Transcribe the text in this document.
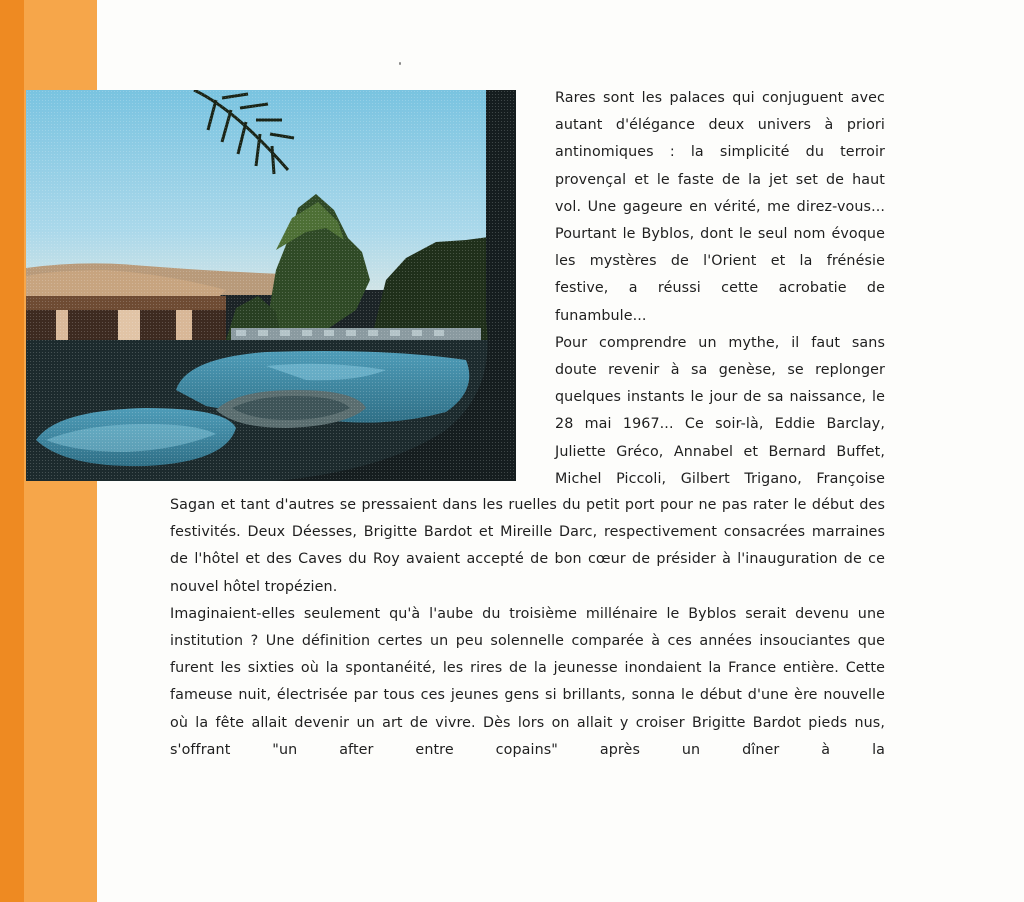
Rares sont les palaces qui conjuguent avec autant d'élégance deux univers à priori antinomiques : la simplicité du terroir provençal et le faste de la jet set de haut vol. Une gageure en vérité, me direz-vous... Pourtant le Byblos, dont le seul nom évoque les mystères de l'Orient et la frénésie festive, a réussi cette acrobatie de funambule...

Pour comprendre un mythe, il faut sans doute revenir à sa genèse, se replonger quelques instants le jour de sa naissance, le 28 mai 1967... Ce soir-là, Eddie Barclay, Juliette Gréco, Annabel et Bernard Buffet, Michel Piccoli, Gilbert Trigano, Françoise

Sagan et tant d'autres se pressaient dans les ruelles du petit port pour ne pas rater le début des festivités. Deux Déesses, Brigitte Bardot et Mireille Darc, respectivement consacrées marraines de l'hôtel et des Caves du Roy avaient accepté de bon cœur de présider à l'inauguration de ce nouvel hôtel tropézien.

Imaginaient-elles seulement qu'à l'aube du troisième millénaire le Byblos serait devenu une institution ? Une définition certes un peu solennelle comparée à ces années insouciantes que furent les sixties où la spontanéité, les rires de la jeunesse inondaient la France entière. Cette fameuse nuit, électrisée par tous ces jeunes gens si brillants, sonna le début d'une ère nouvelle où la fête allait devenir un art de vivre. Dès lors on allait y croiser Brigitte Bardot pieds nus, s'offrant "un after entre copains" après un dîner à la
